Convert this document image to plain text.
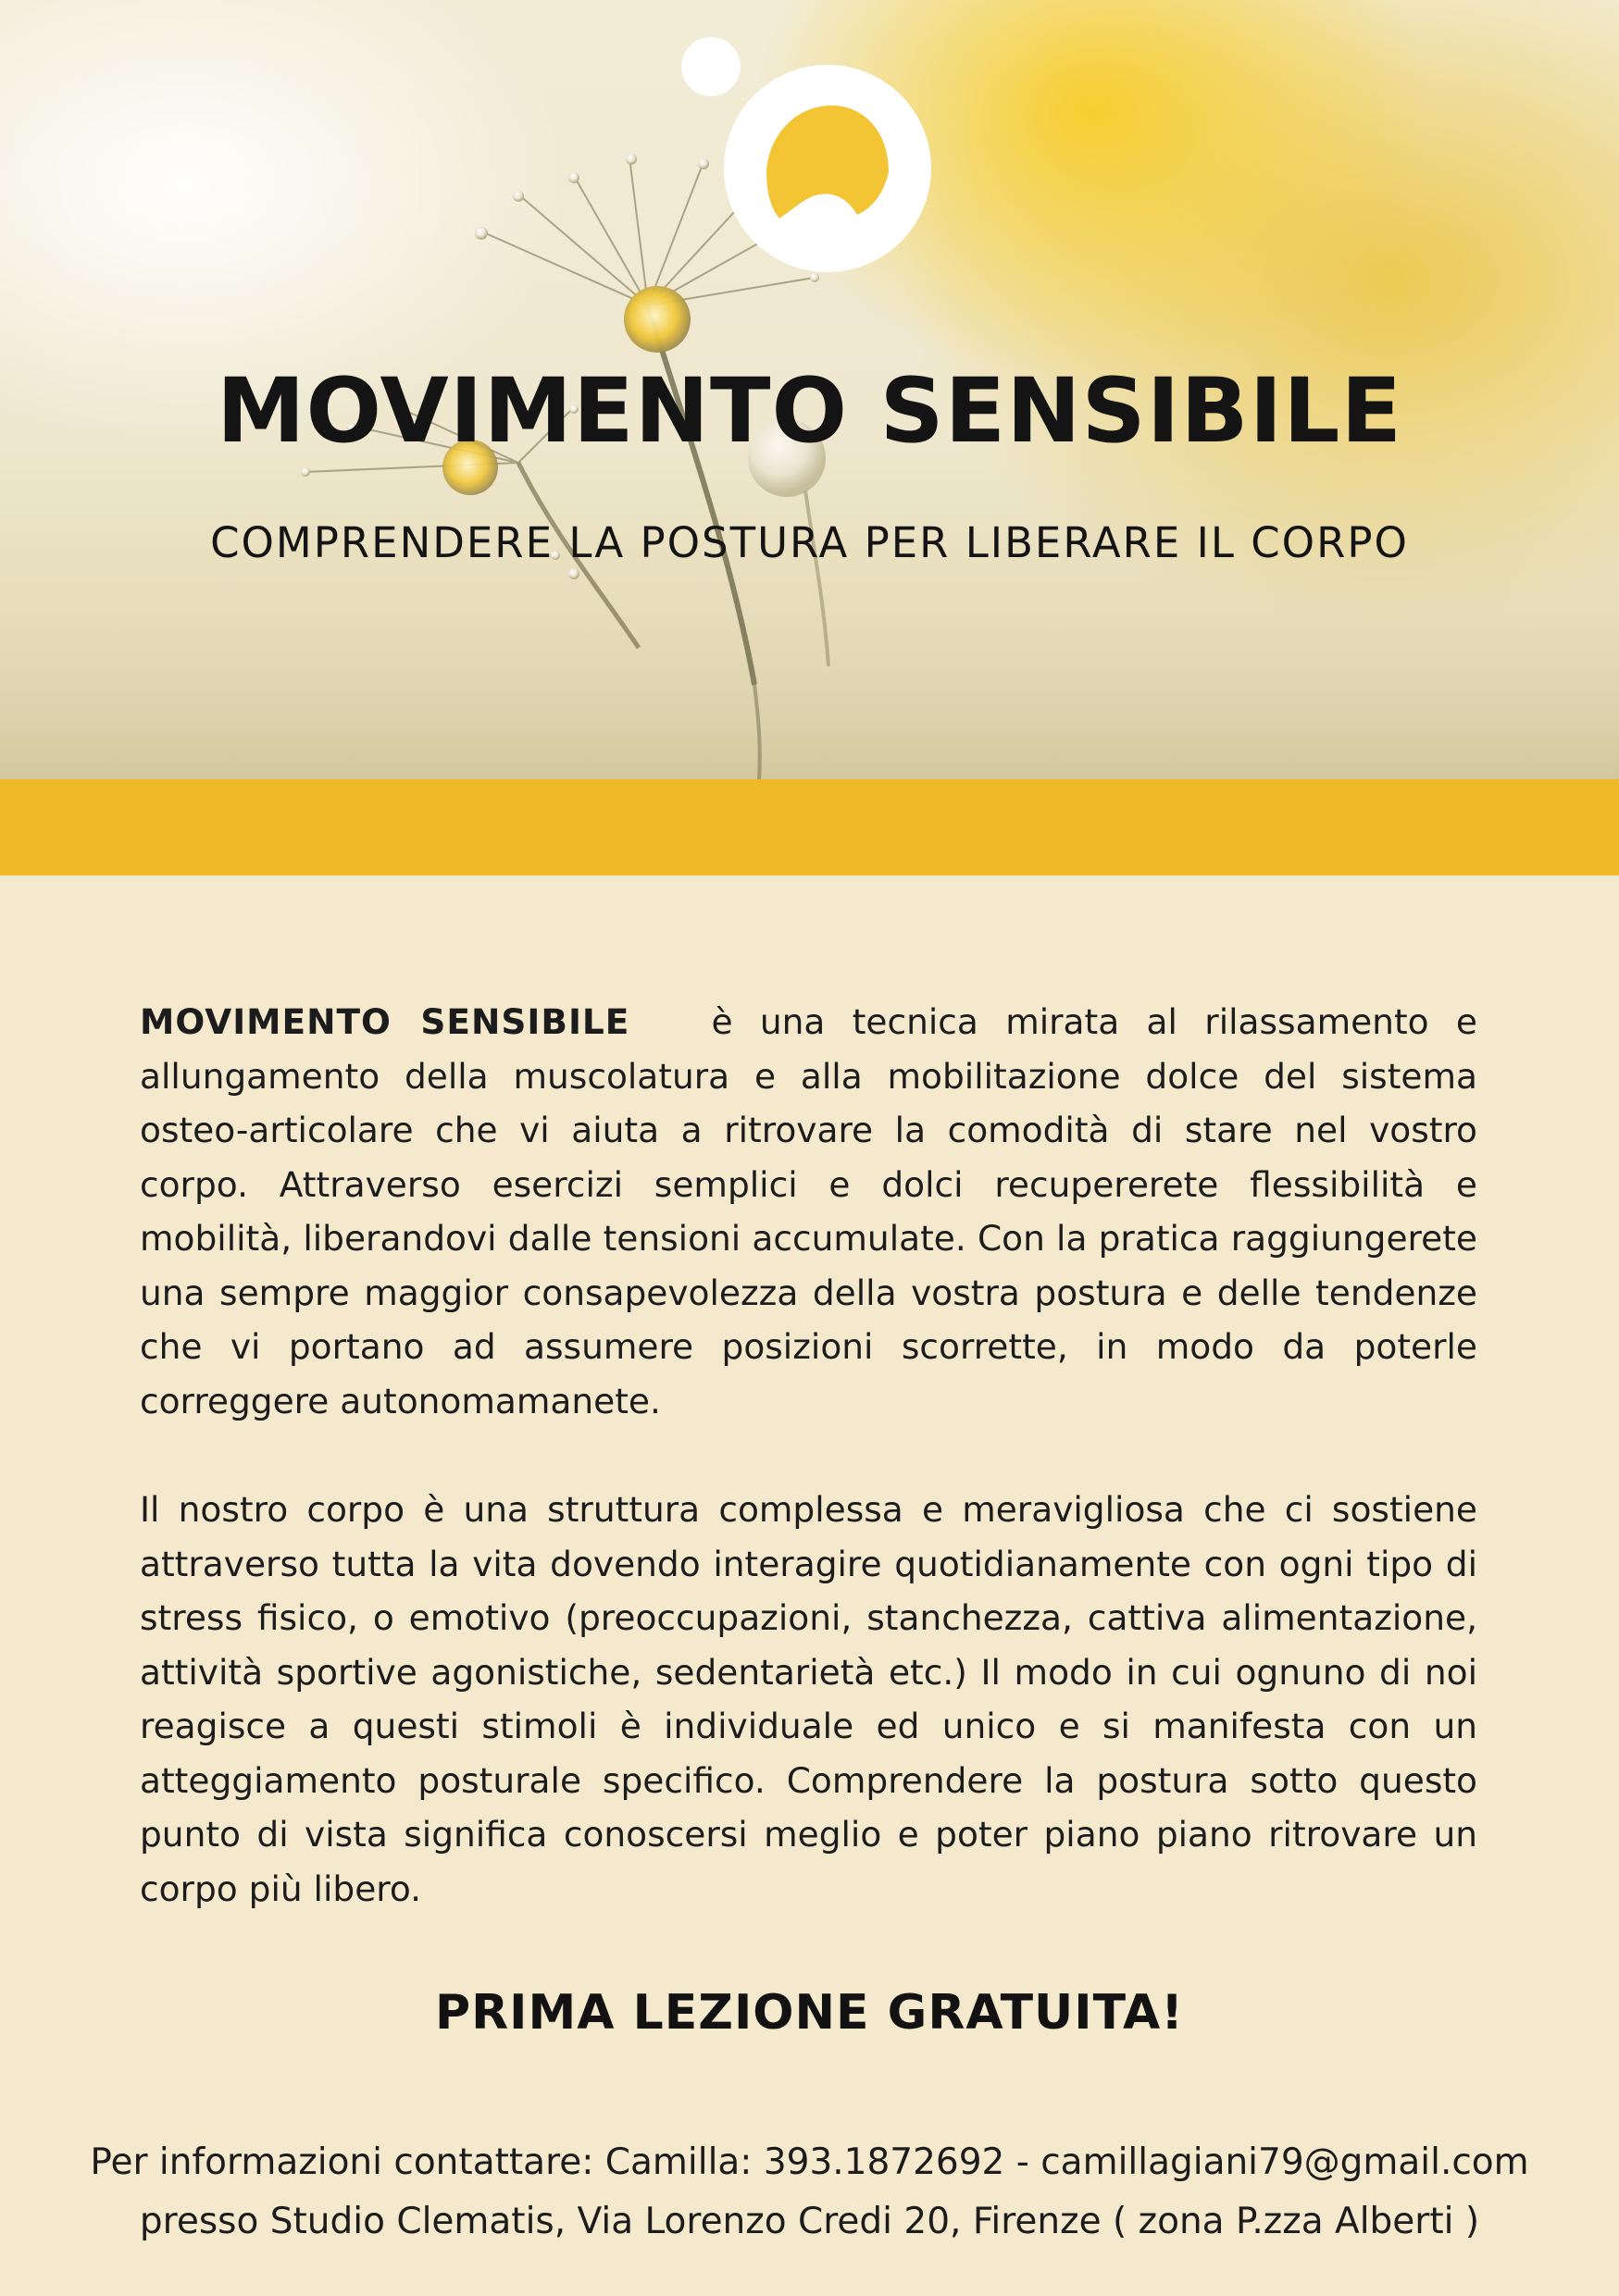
MOVIMENTO SENSIBILE
COMPRENDERE LA POSTURA PER LIBERARE IL CORPO

MOVIMENTO SENSIBILE è una tecnica mirata al rilassamento e allungamento della muscolatura e alla mobilitazione dolce del sistema osteo-articolare che vi aiuta a ritrovare la comodità di stare nel vostro corpo. Attraverso esercizi semplici e dolci recupererete flessibilità e mobilità, liberandovi dalle tensioni accumulate. Con la pratica raggiungerete una sempre maggior consapevolezza della vostra postura e delle tendenze che vi portano ad assumere posizioni scorrette, in modo da poterle correggere autonomamanete.

Il nostro corpo è una struttura complessa e meravigliosa che ci sostiene attraverso tutta la vita dovendo interagire quotidianamente con ogni tipo di stress fisico, o emotivo (preoccupazioni, stanchezza, cattiva alimentazione, attività sportive agonistiche, sedentarietà etc.) Il modo in cui ognuno di noi reagisce a questi stimoli è individuale ed unico e si manifesta con un atteggiamento posturale specifico. Comprendere la postura sotto questo punto di vista significa conoscersi meglio e poter piano piano ritrovare un corpo più libero.

PRIMA LEZIONE GRATUITA!

Per informazioni contattare: Camilla: 393.1872692 - camillagiani79@gmail.com
presso Studio Clematis, Via Lorenzo Credi 20, Firenze ( zona P.zza Alberti )
